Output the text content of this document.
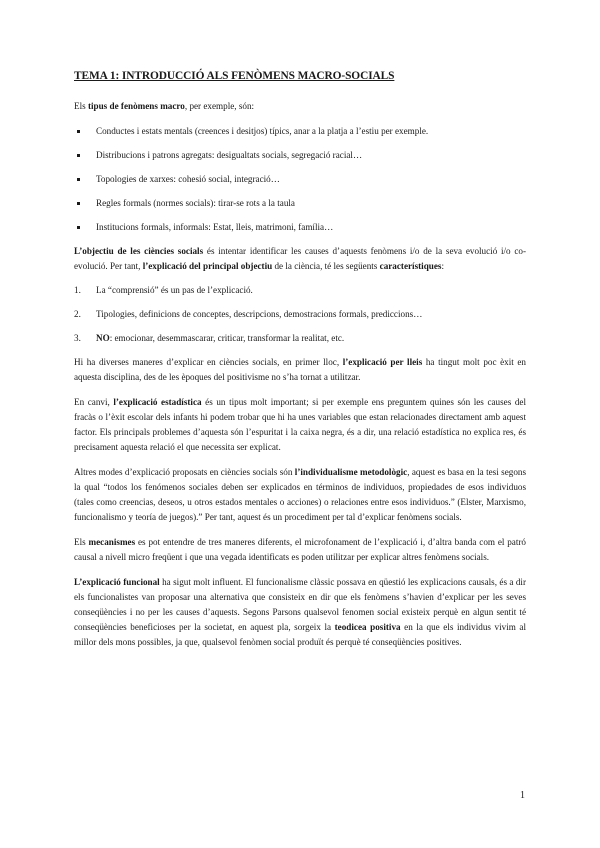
TEMA 1: INTRODUCCIÓ ALS FENÒMENS MACRO-SOCIALS

Els tipus de fenòmens macro, per exemple, són:

Conductes i estats mentals (creences i desitjos) típics, anar a la platja a l’estiu per exemple.
Distribucions i patrons agregats: desigualtats socials, segregació racial…
Topologies de xarxes: cohesió social, integració…
Regles formals (normes socials): tirar-se rots a la taula
Institucions formals, informals: Estat, lleis, matrimoni, família…

L’objectiu de les ciències socials és intentar identificar les causes d’aquests fenòmens i/o de la seva evolució i/o co-evolució. Per tant, l’explicació del principal objectiu de la ciència, té les següents característiques:

1. La “comprensió” és un pas de l’explicació.
2. Tipologies, definicions de conceptes, descripcions, demostracions formals, prediccions…
3. NO: emocionar, desemmascarar, criticar, transformar la realitat, etc.

Hi ha diverses maneres d’explicar en ciències socials, en primer lloc, l’explicació per lleis ha tingut molt poc èxit en aquesta disciplina, des de les èpoques del positivisme no s’ha tornat a utilitzar.

En canvi, l’explicació estadística és un tipus molt important; si per exemple ens preguntem quines són les causes del fracàs o l’èxit escolar dels infants hi podem trobar que hi ha unes variables que estan relacionades directament amb aquest factor. Els principals problemes d’aquesta són l’espuritat i la caixa negra, és a dir, una relació estadística no explica res, és precisament aquesta relació el que necessita ser explicat.

Altres modes d’explicació proposats en ciències socials són l’individualisme metodològic, aquest es basa en la tesi segons la qual “todos los fenómenos sociales deben ser explicados en términos de individuos, propiedades de esos individuos (tales como creencias, deseos, u otros estados mentales o acciones) o relaciones entre esos individuos.” (Elster, Marxismo, funcionalismo y teoría de juegos).” Per tant, aquest és un procediment per tal d’explicar fenòmens socials.

Els mecanismes es pot entendre de tres maneres diferents, el microfonament de l’explicació i, d’altra banda com el patró causal a nivell micro freqüent i que una vegada identificats es poden utilitzar per explicar altres fenòmens socials.

L’explicació funcional ha sigut molt influent. El funcionalisme clàssic possava en qüestió les explicacions causals, és a dir els funcionalistes van proposar una alternativa que consisteix en dir que els fenòmens s’havien d’explicar per les seves conseqüències i no per les causes d’aquests. Segons Parsons qualsevol fenomen social existeix perquè en algun sentit té conseqüències beneficioses per la societat, en aquest pla, sorgeix la teodicea positiva en la que els individus vivim al millor dels mons possibles, ja que, qualsevol fenòmen social produït és perquè té conseqüències positives.

1
